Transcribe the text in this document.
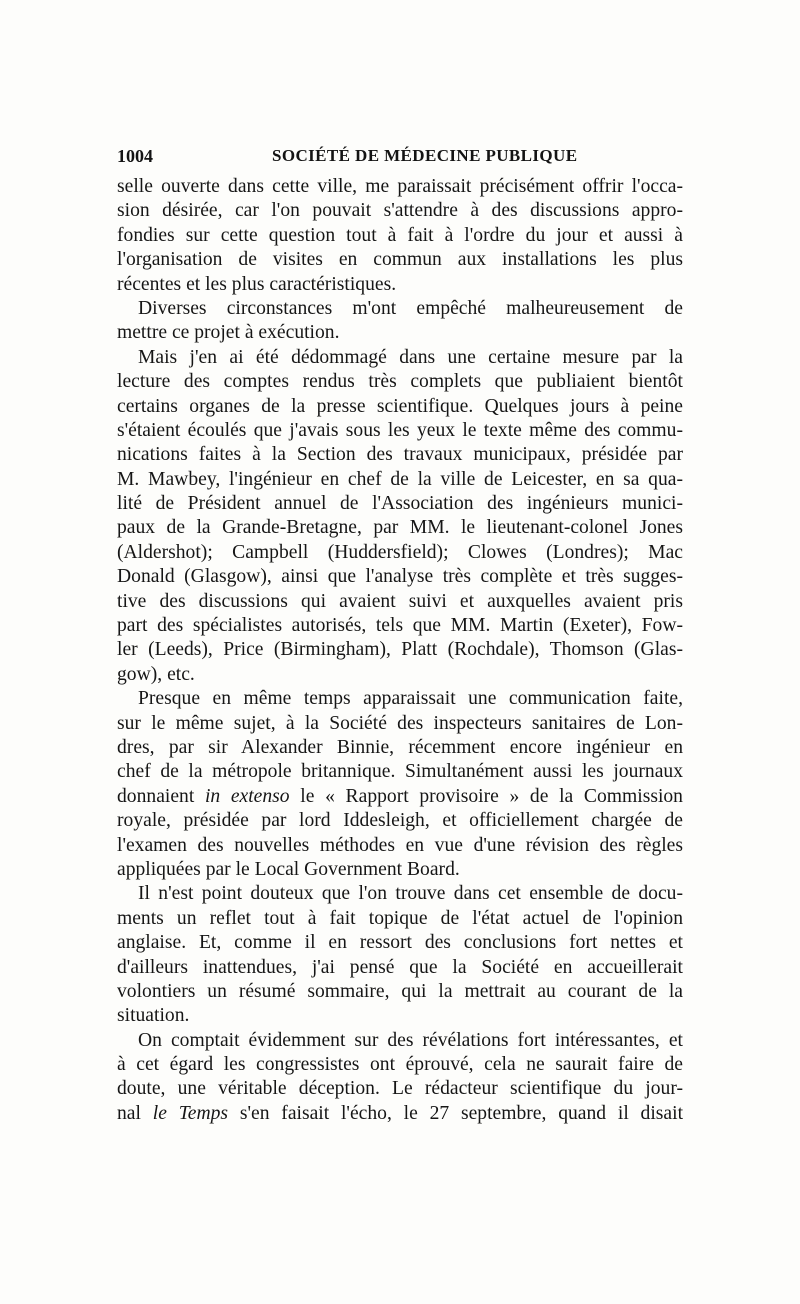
1004	SOCIÉTÉ DE MÉDECINE PUBLIQUE
selle ouverte dans cette ville, me paraissait précisément offrir l'occa-
sion désirée, car l'on pouvait s'attendre à des discussions appro-
fondies sur cette question tout à fait à l'ordre du jour et aussi à
l'organisation de visites en commun aux installations les plus
récentes et les plus caractéristiques.
Diverses circonstances m'ont empêché malheureusement de
mettre ce projet à exécution.
Mais j'en ai été dédommagé dans une certaine mesure par la
lecture des comptes rendus très complets que publiaient bientôt
certains organes de la presse scientifique. Quelques jours à peine
s'étaient écoulés que j'avais sous les yeux le texte même des commu-
nications faites à la Section des travaux municipaux, présidée par
M. Mawbey, l'ingénieur en chef de la ville de Leicester, en sa qua-
lité de Président annuel de l'Association des ingénieurs munici-
paux de la Grande-Bretagne, par MM. le lieutenant-colonel Jones
(Aldershot); Campbell (Huddersfield); Clowes (Londres); Mac
Donald (Glasgow), ainsi que l'analyse très complète et très sugges-
tive des discussions qui avaient suivi et auxquelles avaient pris
part des spécialistes autorisés, tels que MM. Martin (Exeter), Fow-
ler (Leeds), Price (Birmingham), Platt (Rochdale), Thomson (Glas-
gow), etc.
Presque en même temps apparaissait une communication faite,
sur le même sujet, à la Société des inspecteurs sanitaires de Lon-
dres, par sir Alexander Binnie, récemment encore ingénieur en
chef de la métropole britannique. Simultanément aussi les journaux
donnaient in extenso le « Rapport provisoire » de la Commission
royale, présidée par lord Iddesleigh, et officiellement chargée de
l'examen des nouvelles méthodes en vue d'une révision des règles
appliquées par le Local Government Board.
Il n'est point douteux que l'on trouve dans cet ensemble de docu-
ments un reflet tout à fait topique de l'état actuel de l'opinion
anglaise. Et, comme il en ressort des conclusions fort nettes et
d'ailleurs inattendues, j'ai pensé que la Société en accueillerait
volontiers un résumé sommaire, qui la mettrait au courant de la
situation.
On comptait évidemment sur des révélations fort intéressantes, et
à cet égard les congressistes ont éprouvé, cela ne saurait faire de
doute, une véritable déception. Le rédacteur scientifique du jour-
nal le Temps s'en faisait l'écho, le 27 septembre, quand il disait
